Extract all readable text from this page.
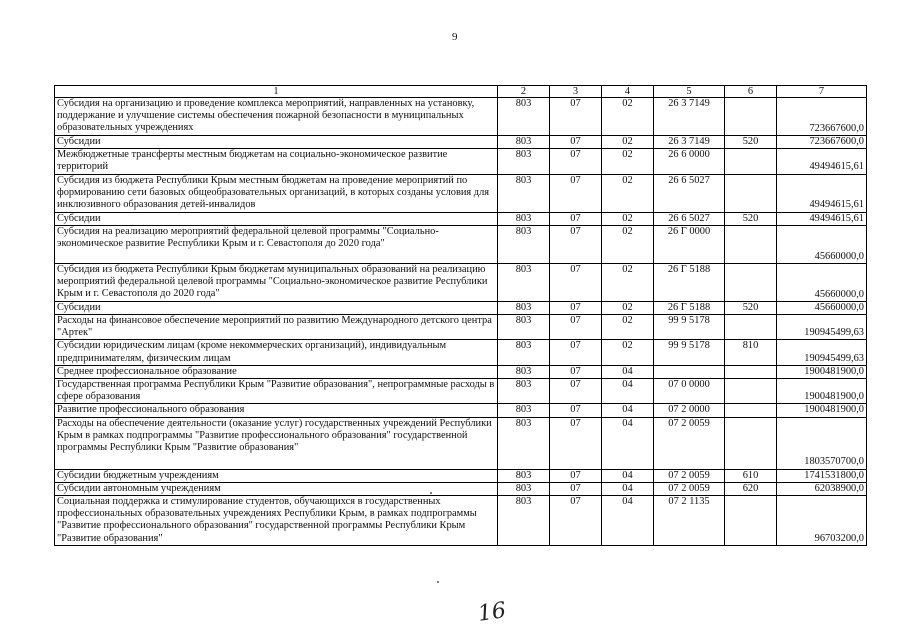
9
1	2	3	4	5	6	7
Субсидия на организацию и проведение комплекса мероприятий, направленных на установку, поддержание и улучшение системы обеспечения пожарной безопасности в муниципальных образовательных учреждениях	803	07	02	26 3 7149		723667600,0
Субсидии	803	07	02	26 3 7149	520	723667600,0
Межбюджетные трансферты местным бюджетам на социально-экономическое развитие территорий	803	07	02	26 6 0000		49494615,61
Субсидия из бюджета Республики Крым местным бюджетам на проведение мероприятий по формированию сети базовых общеобразовательных организаций, в которых созданы условия для инклюзивного образования детей-инвалидов	803	07	02	26 6 5027		49494615,61
Субсидии	803	07	02	26 6 5027	520	49494615,61
Субсидия на реализацию мероприятий федеральной целевой программы "Социально-экономическое развитие Республики Крым и г. Севастополя до 2020 года"	803	07	02	26 Г 0000		45660000,0
Субсидия из бюджета Республики Крым бюджетам муниципальных образований на реализацию мероприятий федеральной целевой программы "Социально-экономическое развитие Республики Крым и г. Севастополя до 2020 года"	803	07	02	26 Г 5188		45660000,0
Субсидии	803	07	02	26 Г 5188	520	45660000,0
Расходы на финансовое обеспечение мероприятий по развитию Международного детского центра "Артек"	803	07	02	99 9 5178		190945499,63
Субсидии юридическим лицам (кроме некоммерческих организаций), индивидуальным предпринимателям, физическим лицам	803	07	02	99 9 5178	810	190945499,63
Среднее профессиональное образование	803	07	04			1900481900,0
Государственная программа Республики Крым "Развитие образования", непрограммные расходы в сфере образования	803	07	04	07 0 0000		1900481900,0
Развитие профессионального образования	803	07	04	07 2 0000		1900481900,0
Расходы на обеспечение деятельности (оказание услуг) государственных учреждений Республики Крым в рамках подпрограммы "Развитие профессионального образования" государственной программы Республики Крым "Развитие образования"	803	07	04	07 2 0059		1803570700,0
Субсидии бюджетным учреждениям	803	07	04	07 2 0059	610	1741531800,0
Субсидии автономным учреждениям	803	07	04	07 2 0059	620	62038900,0
Социальная поддержка и стимулирование студентов, обучающихся в государственных профессиональных образовательных учреждениях Республики Крым, в рамках подпрограммы "Развитие профессионального образования" государственной программы Республики Крым "Развитие образования"	803	07	04	07 2 1135		96703200,0
16
